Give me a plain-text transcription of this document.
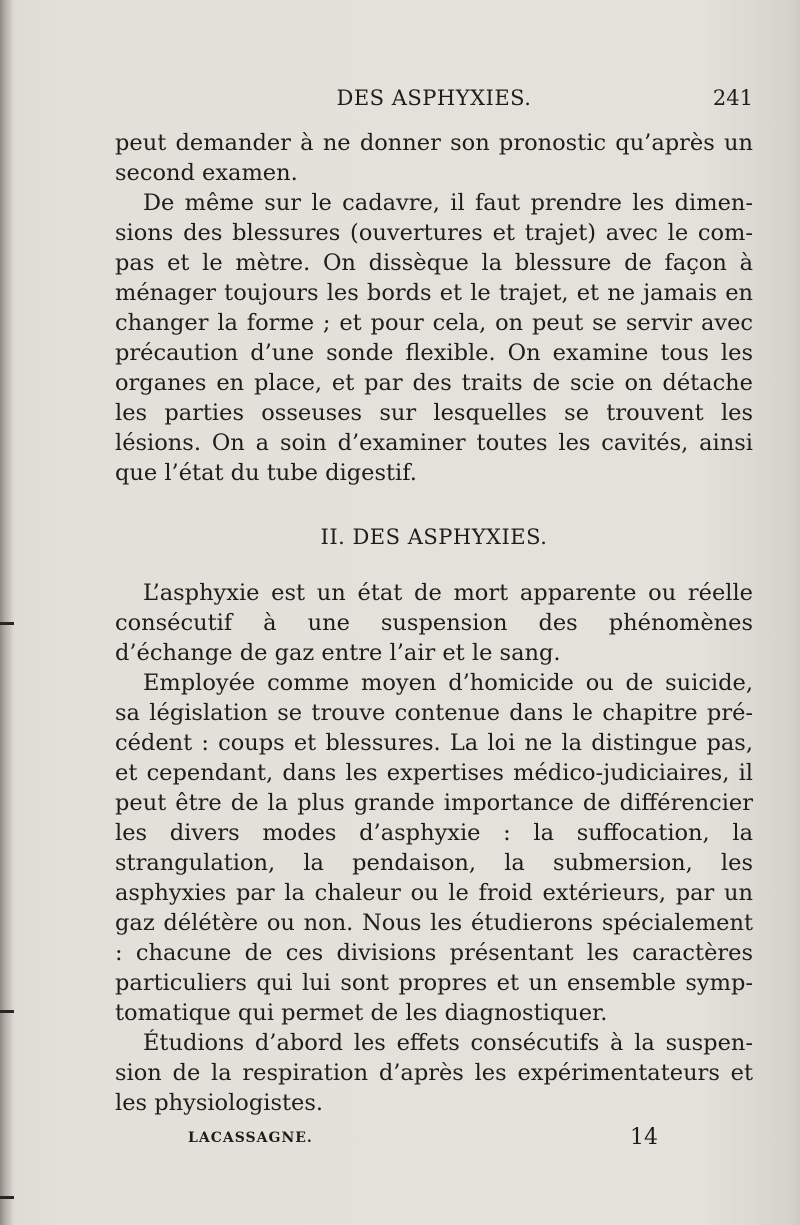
DES ASPHYXIES.	241

peut demander à ne donner son pronostic qu’après un second examen.

De même sur le cadavre, il faut prendre les dimensions des blessures (ouvertures et trajet) avec le compas et le mètre. On dissèque la blessure de façon à ménager toujours les bords et le trajet, et ne jamais en changer la forme ; et pour cela, on peut se servir avec précaution d’une sonde flexible. On examine tous les organes en place, et par des traits de scie on détache les parties osseuses sur lesquelles se trouvent les lésions. On a soin d’examiner toutes les cavités, ainsi que l’état du tube digestif.

II. DES ASPHYXIES.

L’asphyxie est un état de mort apparente ou réelle consécutif à une suspension des phénomènes d’échange de gaz entre l’air et le sang.

Employée comme moyen d’homicide ou de suicide, sa législation se trouve contenue dans le chapitre précédent : coups et blessures. La loi ne la distingue pas, et cependant, dans les expertises médico-judiciaires, il peut être de la plus grande importance de différencier les divers modes d’asphyxie : la suffocation, la strangulation, la pendaison, la submersion, les asphyxies par la chaleur ou le froid extérieurs, par un gaz délétère ou non. Nous les étudierons spécialement : chacune de ces divisions présentant les caractères particuliers qui lui sont propres et un ensemble symptomatique qui permet de les diagnostiquer.

Étudions d’abord les effets consécutifs à la suspension de la respiration d’après les expérimentateurs et les physiologistes.

LACASSAGNE.	14
